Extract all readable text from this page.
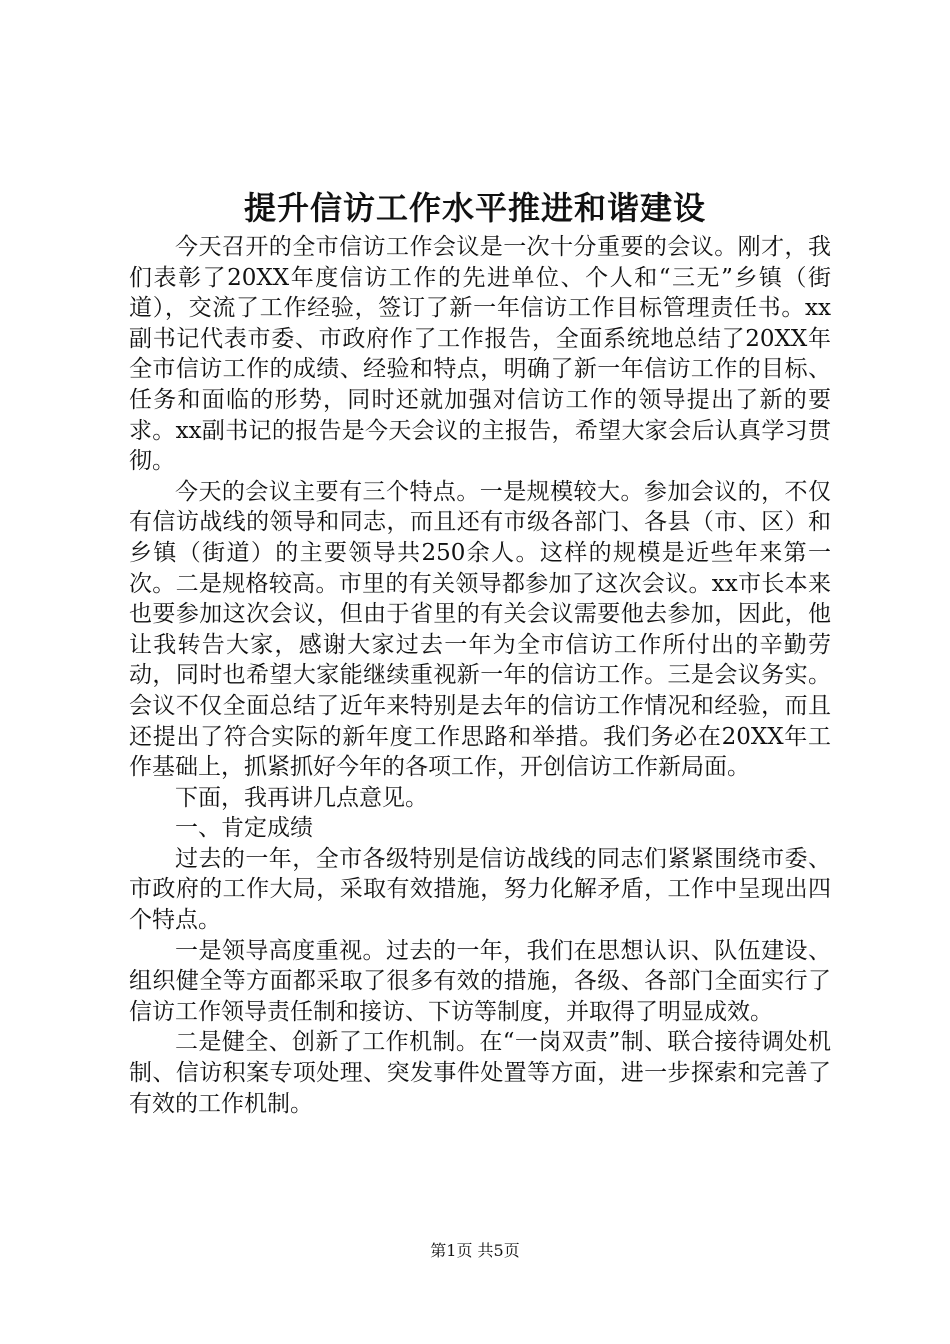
提升信访工作水平推进和谐建设

今天召开的全市信访工作会议是一次十分重要的会议。刚才，我们表彰了20XX年度信访工作的先进单位、个人和“三无”乡镇（街道），交流了工作经验，签订了新一年信访工作目标管理责任书。xx副书记代表市委、市政府作了工作报告，全面系统地总结了20XX年全市信访工作的成绩、经验和特点，明确了新一年信访工作的目标、任务和面临的形势，同时还就加强对信访工作的领导提出了新的要求。xx副书记的报告是今天会议的主报告，希望大家会后认真学习贯彻。

今天的会议主要有三个特点。一是规模较大。参加会议的，不仅有信访战线的领导和同志，而且还有市级各部门、各县（市、区）和乡镇（街道）的主要领导共250余人。这样的规模是近些年来第一次。二是规格较高。市里的有关领导都参加了这次会议。xx市长本来也要参加这次会议，但由于省里的有关会议需要他去参加，因此，他让我转告大家，感谢大家过去一年为全市信访工作所付出的辛勤劳动，同时也希望大家能继续重视新一年的信访工作。三是会议务实。会议不仅全面总结了近年来特别是去年的信访工作情况和经验，而且还提出了符合实际的新年度工作思路和举措。我们务必在20XX年工作基础上，抓紧抓好今年的各项工作，开创信访工作新局面。

下面，我再讲几点意见。

一、肯定成绩

过去的一年，全市各级特别是信访战线的同志们紧紧围绕市委、市政府的工作大局，采取有效措施，努力化解矛盾，工作中呈现出四个特点。

一是领导高度重视。过去的一年，我们在思想认识、队伍建设、组织健全等方面都采取了很多有效的措施，各级、各部门全面实行了信访工作领导责任制和接访、下访等制度，并取得了明显成效。

二是健全、创新了工作机制。在“一岗双责”制、联合接待调处机制、信访积案专项处理、突发事件处置等方面，进一步探索和完善了有效的工作机制。

第1页 共5页
